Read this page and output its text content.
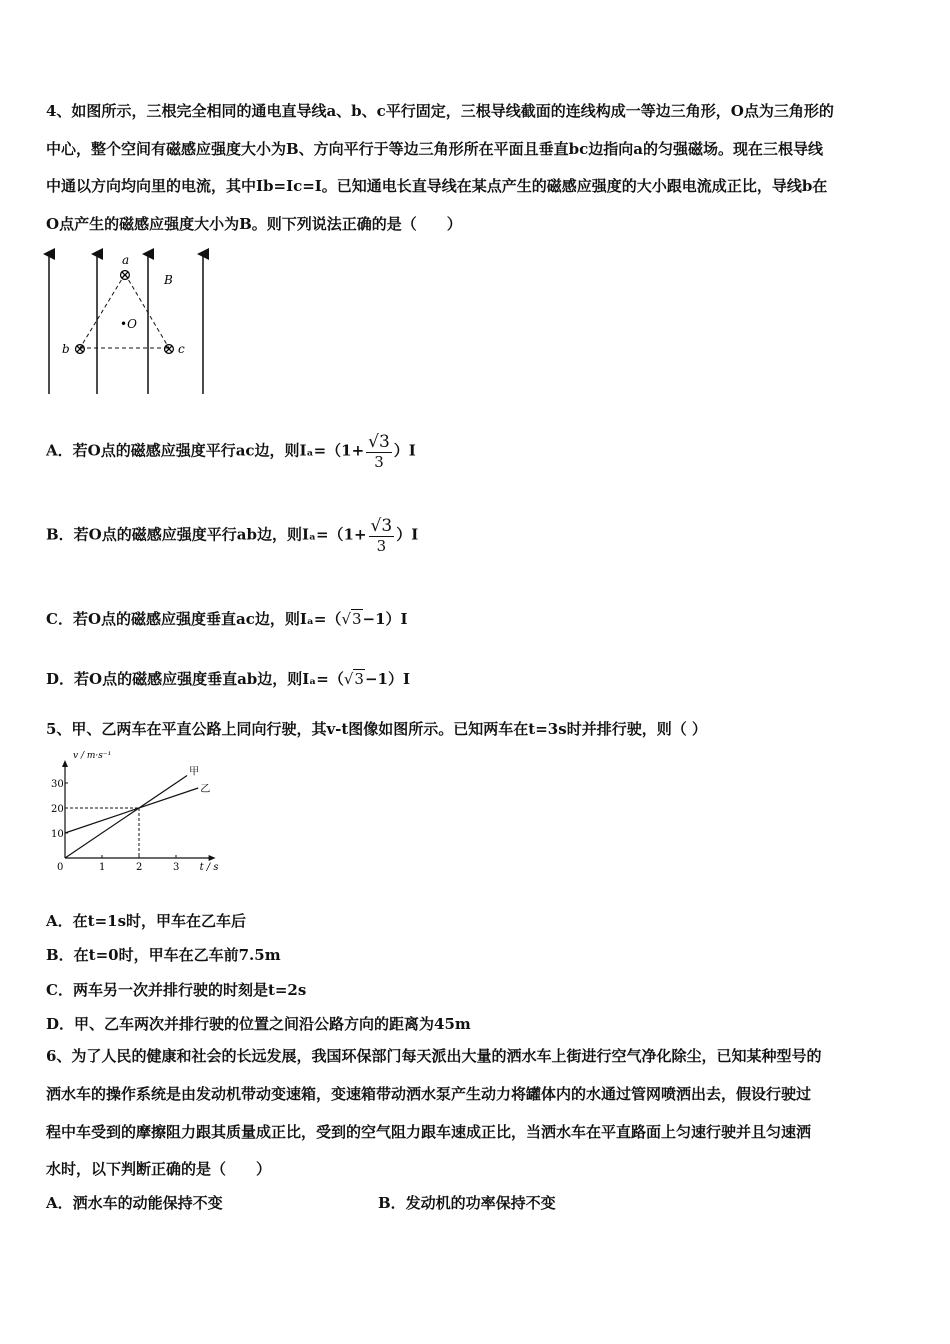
4、如图所示，三根完全相同的通电直导线a、b、c平行固定，三根导线截面的连线构成一等边三角形，O点为三角形的
中心，整个空间有磁感应强度大小为B、方向平行于等边三角形所在平面且垂直bc边指向a的匀强磁场。现在三根导线
中通以方向均向里的电流，其中Ib=Ic=I。已知通电长直导线在某点产生的磁感应强度的大小跟电流成正比，导线b在
O点产生的磁感应强度大小为B。则下列说法正确的是（　　）
⊗
⊗	⊗
a
b	c
•O
B
A．若O点的磁感应强度平行ac边，则$I_a=(1+ \frac{√3}{3} )I$
B．若O点的磁感应强度平行ab边，则$I_a=(1+ \frac{√3}{3} )I$
C．若O点的磁感应强度垂直ac边，则Iₐ=（√3−1）I
D．若O点的磁感应强度垂直ab边，则Iₐ=（√3−1）I
5、甲、乙两车在平直公路上同向行驶，其v-t图像如图所示。已知两车在t=3s时并排行驶，则（ ）
0	1	2	3
10
20
30
甲
乙
v / m·s⁻¹
t / s
A．在t=1s时，甲车在乙车后
B．在t=0时，甲车在乙车前7.5m
C．两车另一次并排行驶的时刻是t=2s
D．甲、乙车两次并排行驶的位置之间沿公路方向的距离为45m
6、为了人民的健康和社会的长远发展，我国环保部门每天派出大量的洒水车上街进行空气净化除尘，已知某种型号的
洒水车的操作系统是由发动机带动变速箱，变速箱带动洒水泵产生动力将罐体内的水通过管网喷洒出去，假设行驶过
程中车受到的摩擦阻力跟其质量成正比，受到的空气阻力跟车速成正比，当洒水车在平直路面上匀速行驶并且匀速洒
水时，以下判断正确的是（　　）
A．洒水车的动能保持不变	B．发动机的功率保持不变
